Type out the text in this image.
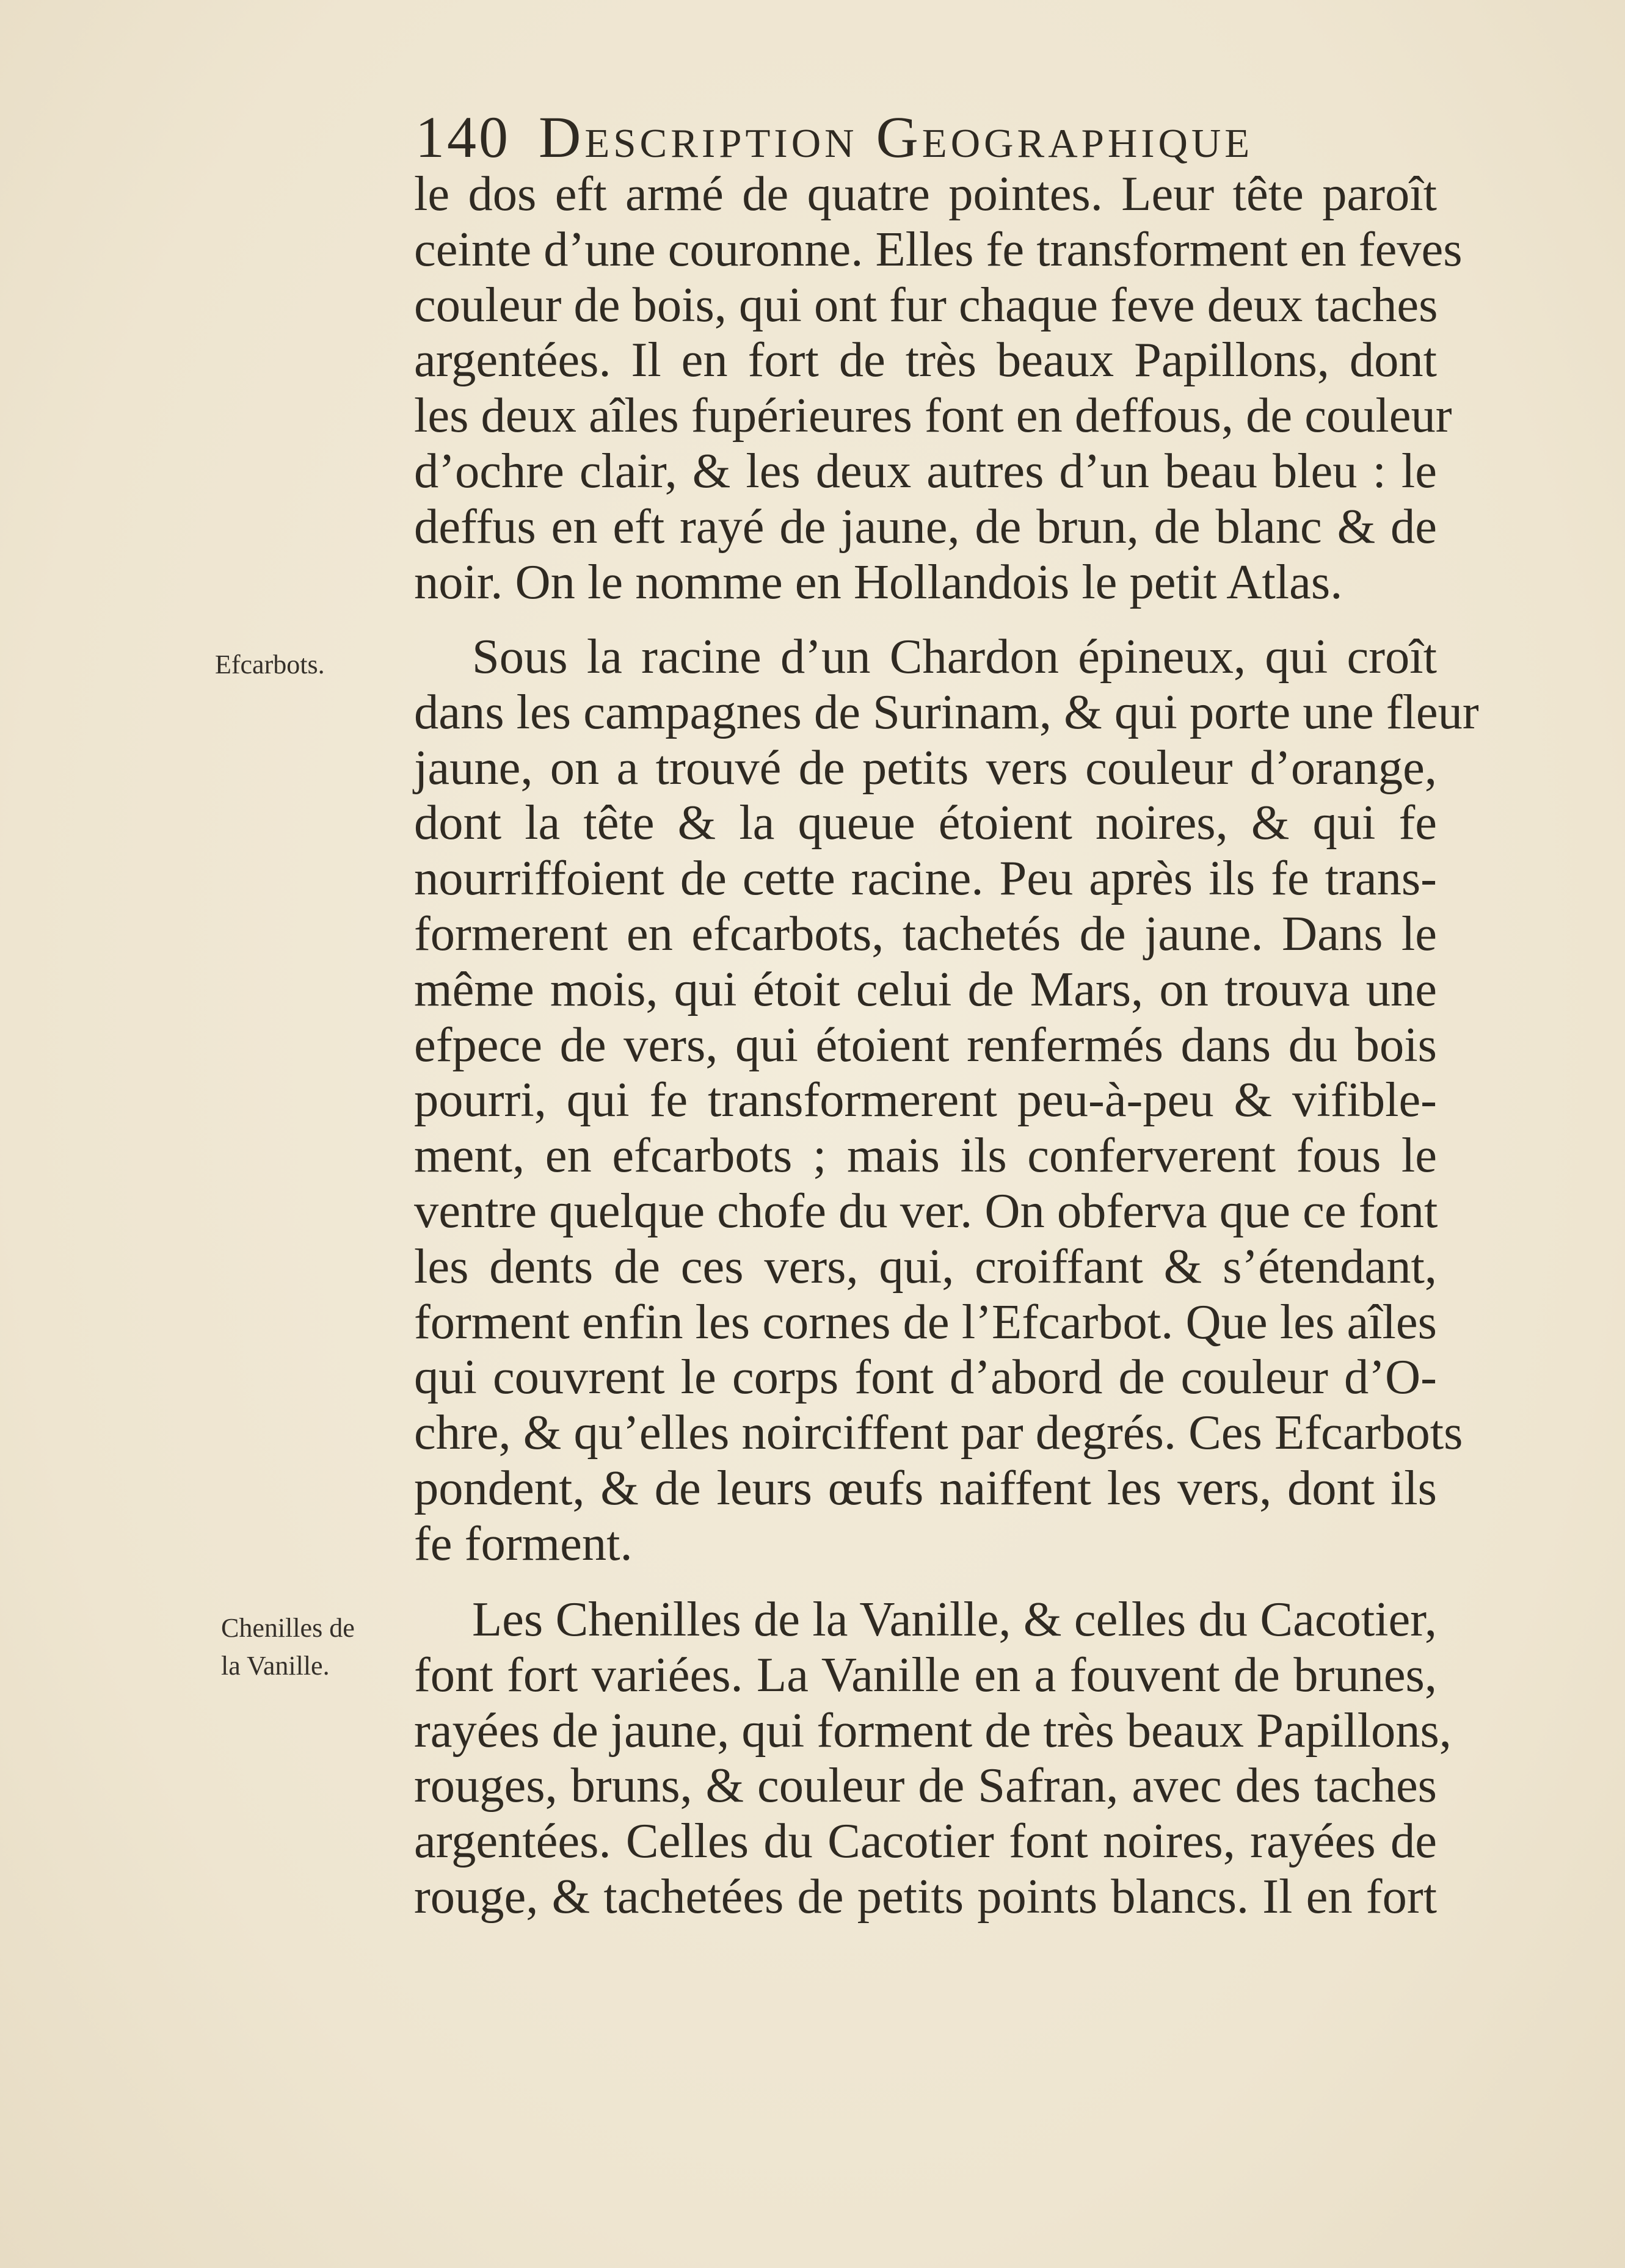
140 Description Geographique
le dos eft armé de quatre pointes. Leur tête paroît
ceinte d’une couronne. Elles fe transforment en feves
couleur de bois, qui ont fur chaque feve deux taches
argentées. Il en fort de très beaux Papillons, dont
les deux aîles fupérieures font en deffous, de couleur
d’ochre clair, & les deux autres d’un beau bleu : le
deffus en eft rayé de jaune, de brun, de blanc & de
noir. On le nomme en Hollandois le petit Atlas.
Efcarbots.	Sous la racine d’un Chardon épineux, qui croît
dans les campagnes de Surinam, & qui porte une fleur
jaune, on a trouvé de petits vers couleur d’orange,
dont la tête & la queue étoient noires, & qui fe
nourriffoient de cette racine. Peu après ils fe trans-
formerent en efcarbots, tachetés de jaune. Dans le
même mois, qui étoit celui de Mars, on trouva une
efpece de vers, qui étoient renfermés dans du bois
pourri, qui fe transformerent peu-à-peu & vifible-
ment, en efcarbots ; mais ils conferverent fous le
ventre quelque chofe du ver. On obferva que ce font
les dents de ces vers, qui, croiffant & s’étendant,
forment enfin les cornes de l’Efcarbot. Que les aîles
qui couvrent le corps font d’abord de couleur d’O-
chre, & qu’elles noirciffent par degrés. Ces Efcarbots
pondent, & de leurs œufs naiffent les vers, dont ils
fe forment.
Chenilles de
la Vanille.
Les Chenilles de la Vanille, & celles du Cacotier,
font fort variées. La Vanille en a fouvent de brunes,
rayées de jaune, qui forment de très beaux Papillons,
rouges, bruns, & couleur de Safran, avec des taches
argentées. Celles du Cacotier font noires, rayées de
rouge, & tachetées de petits points blancs. Il en fort
